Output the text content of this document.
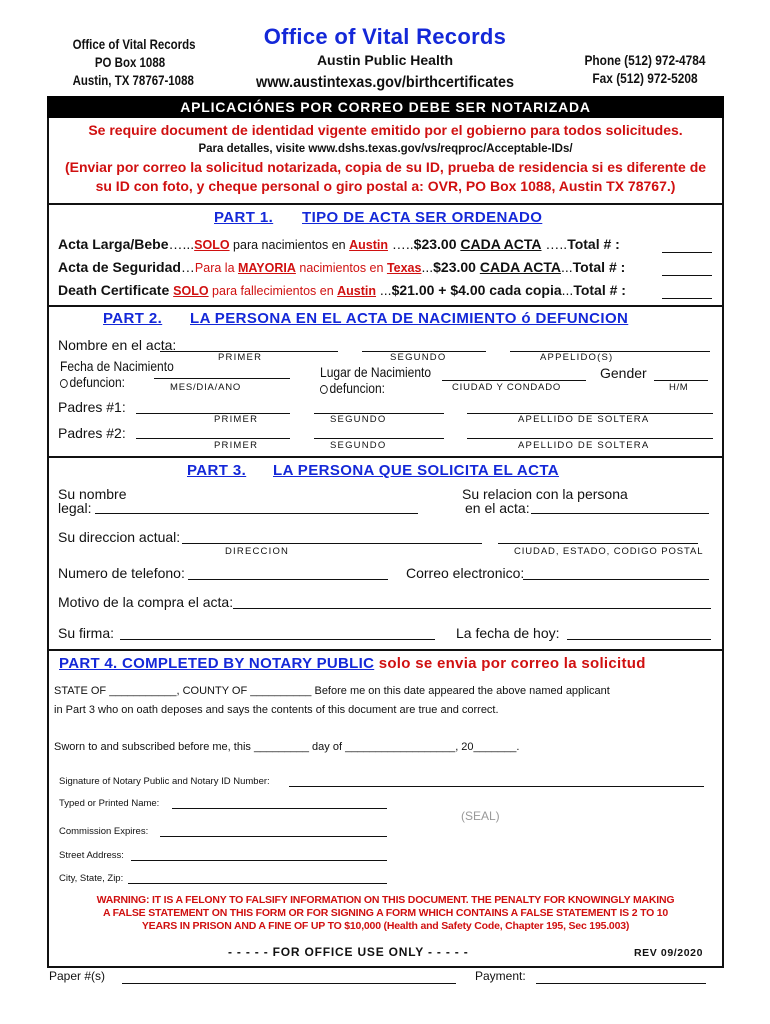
Office of Vital Records
PO Box 1088
Austin, TX 78767-1088
Office of Vital Records
Austin Public Health
www.austintexas.gov/birthcertificates
Phone (512) 972-4784
Fax (512) 972-5208
APLICACIÓNES POR CORREO DEBE SER NOTARIZADA
Se require document de identidad vigente emitido por el gobierno para todos solicitudes.
Para detalles, visite www.dshs.texas.gov/vs/reqproc/Acceptable-IDs/
(Enviar por correo la solicitud notarizada, copia de su ID, prueba de residencia si es diferente de
su ID con foto, y cheque personal o giro postal a: OVR, PO Box 1088, Austin TX 78767.)
PART 1. TIPO DE ACTA SER ORDENADO
Acta Larga/Bebe…...SOLO para nacimientos en Austin …..$23.00 CADA ACTA …..Total # :
Acta de Seguridad…Para la MAYORIA nacimientos en Texas...$23.00 CADA ACTA...Total # :
Death Certificate SOLO para fallecimientos en Austin ...$21.00 + $4.00 cada copia...Total # :
PART 2. LA PERSONA EN EL ACTA DE NACIMIENTO ó DEFUNCION
Nombre en el acta:
PRIMER	SEGUNDO	APPELIDO(S)
Fecha de Nacimiento
defuncion:	MES/DIA/ANO
Lugar de Nacimiento
defuncion:	CIUDAD Y CONDADO
Gender
H/M
Padres #1:
PRIMER	SEGUNDO	APELLIDO DE SOLTERA
Padres #2:
PRIMER	SEGUNDO	APELLIDO DE SOLTERA
PART 3. LA PERSONA QUE SOLICITA EL ACTA
Su nombre
legal:
Su relacion con la persona
en el acta:
Su direccion actual:
DIRECCION	CIUDAD, ESTADO, CODIGO POSTAL
Numero de telefono:	Correo electronico:
Motivo de la compra el acta:
Su firma:	La fecha de hoy:
PART 4. COMPLETED BY NOTARY PUBLIC solo se envia por correo la solicitud
STATE OF ___________, COUNTY OF __________ Before me on this date appeared the above named applicant
in Part 3 who on oath deposes and says the contents of this document are true and correct.
Sworn to and subscribed before me, this _________ day of __________________, 20_______.
Signature of Notary Public and Notary ID Number:
Typed or Printed Name:
(SEAL)
Commission Expires:
Street Address:
City, State, Zip:
WARNING: IT IS A FELONY TO FALSIFY INFORMATION ON THIS DOCUMENT. THE PENALTY FOR KNOWINGLY MAKING
A FALSE STATEMENT ON THIS FORM OR FOR SIGNING A FORM WHICH CONTAINS A FALSE STATEMENT IS 2 TO 10
YEARS IN PRISON AND A FINE OF UP TO $10,000 (Health and Safety Code, Chapter 195, Sec 195.003)
- - - - - FOR OFFICE USE ONLY - - - - -	REV 09/2020
Paper #(s)	Payment:
